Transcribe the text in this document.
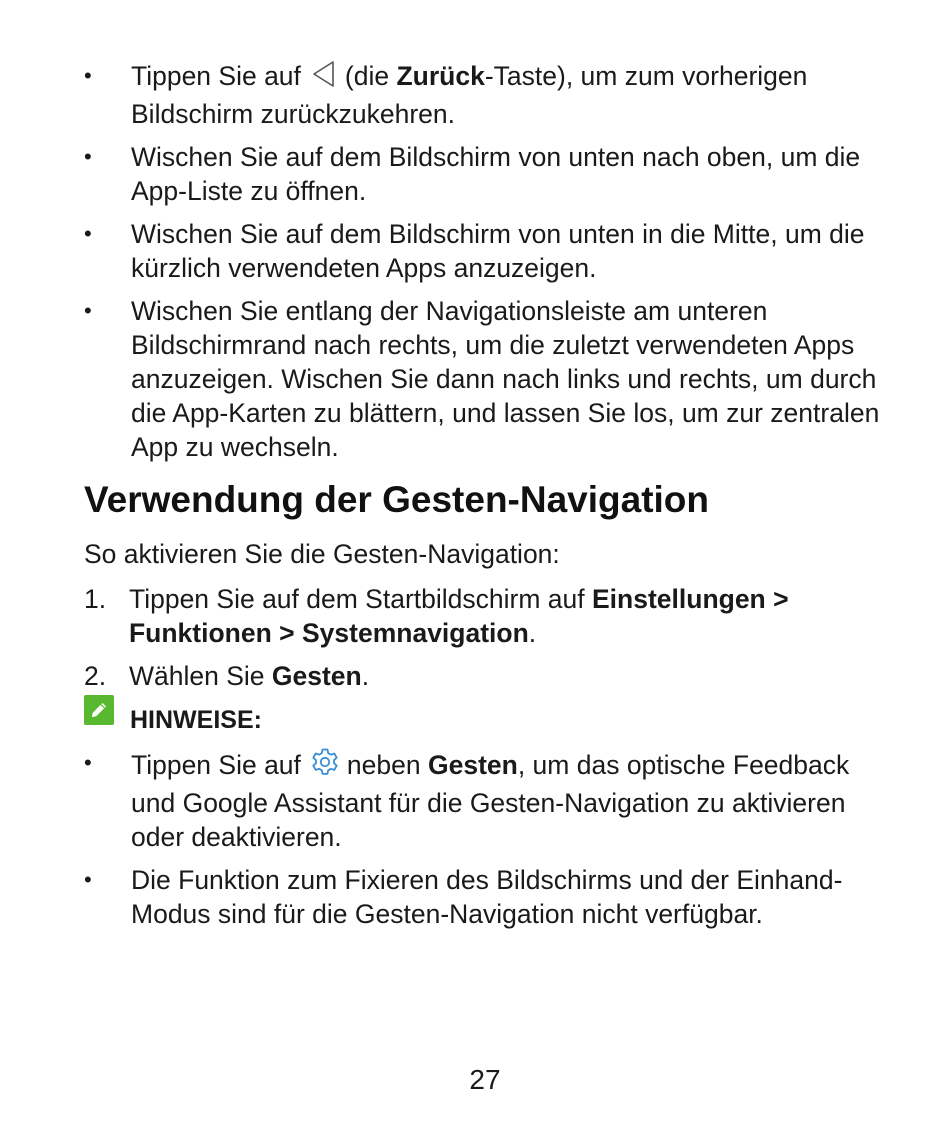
•	Tippen Sie auf (die Zurück-Taste), um zum vorherigen Bildschirm zurückzukehren.
•	Wischen Sie auf dem Bildschirm von unten nach oben, um die App-Liste zu öffnen.
•	Wischen Sie auf dem Bildschirm von unten in die Mitte, um die kürzlich verwendeten Apps anzuzeigen.
•	Wischen Sie entlang der Navigationsleiste am unteren Bildschirmrand nach rechts, um die zuletzt verwendeten Apps anzuzeigen. Wischen Sie dann nach links und rechts, um durch die App-Karten zu blättern, und lassen Sie los, um zur zentralen App zu wechseln.
Verwendung der Gesten-Navigation

So aktivieren Sie die Gesten-Navigation:

1. Tippen Sie auf dem Startbildschirm auf Einstellungen > Funktionen > Systemnavigation.
2. Wählen Sie Gesten.
HINWEISE:
•	Tippen Sie auf neben Gesten, um das optische Feedback und Google Assistant für die Gesten-Navigation zu aktivieren oder deaktivieren.
•	Die Funktion zum Fixieren des Bildschirms und der Einhand-Modus sind für die Gesten-Navigation nicht verfügbar.
27
